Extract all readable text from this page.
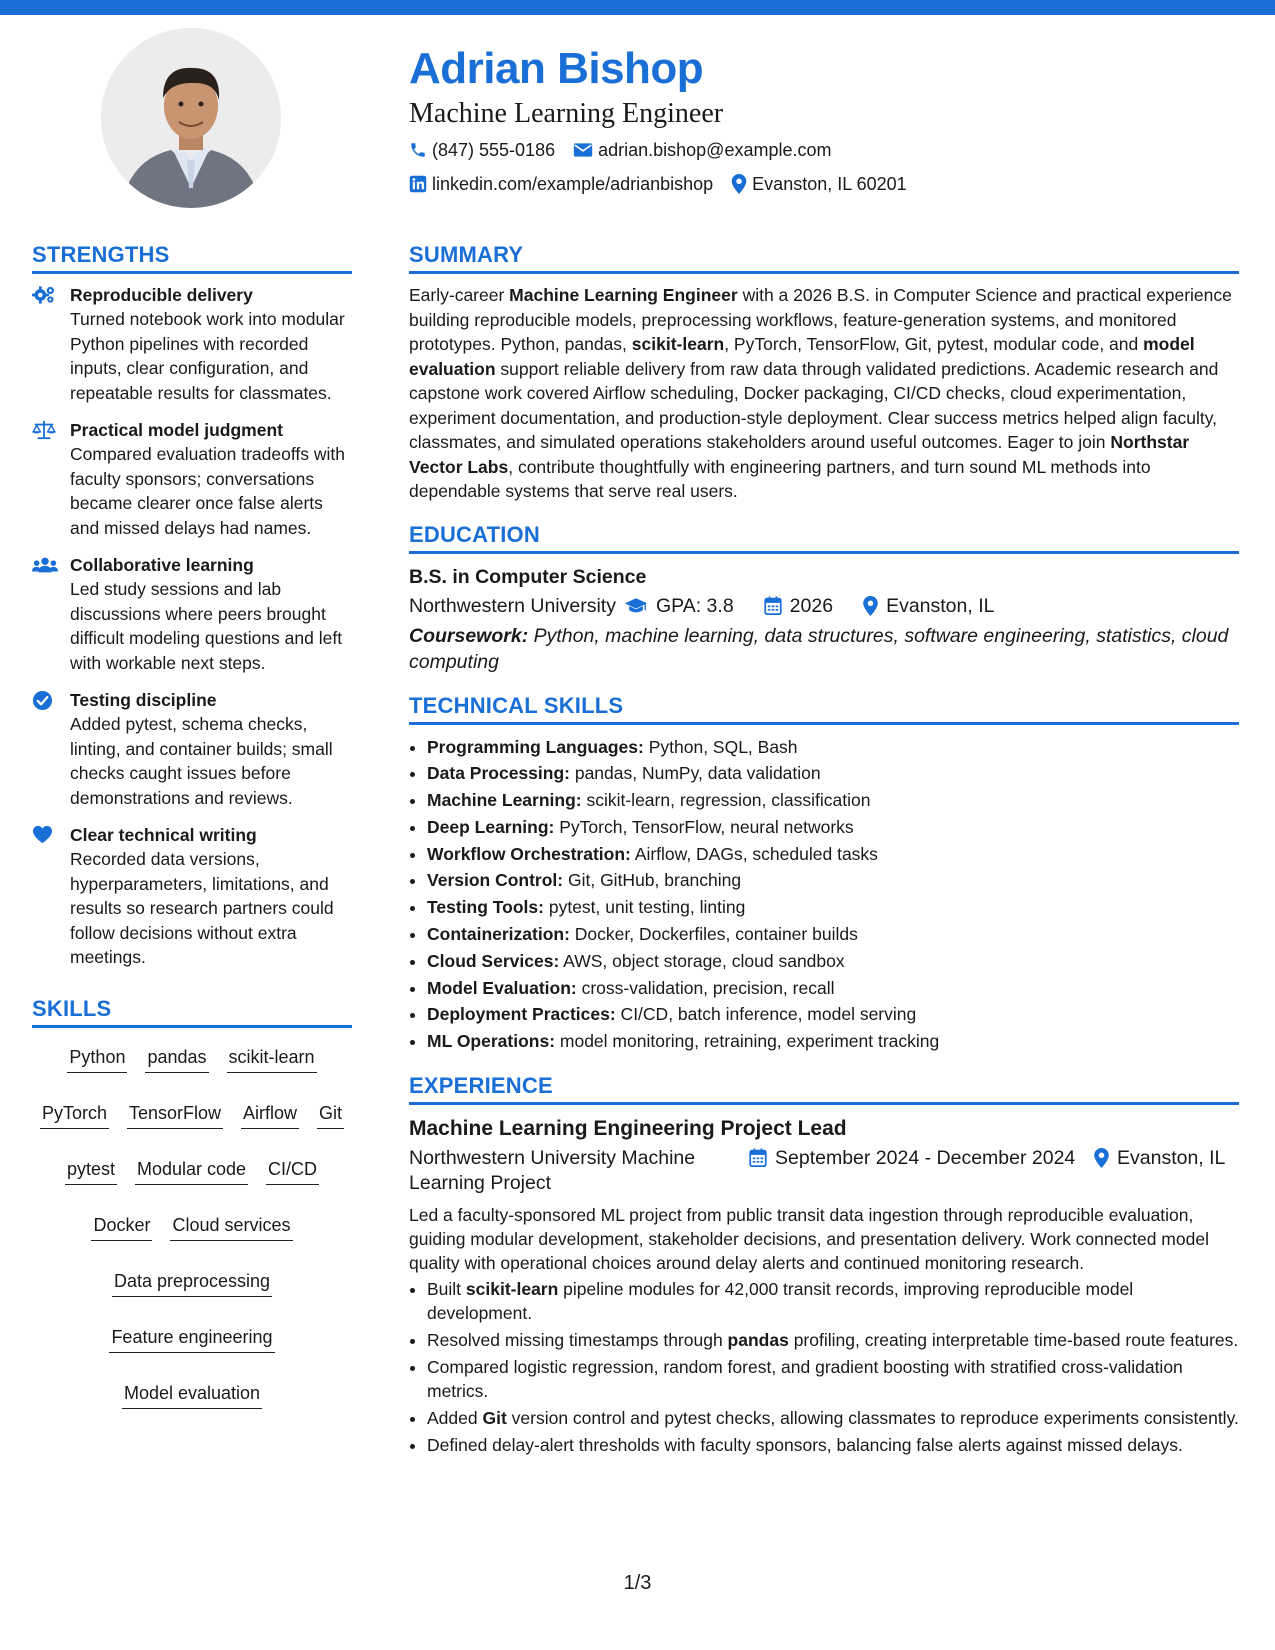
Adrian Bishop
Machine Learning Engineer
(847) 555-0186 adrian.bishop@example.com
linkedin.com/example/adrianbishop Evanston, IL 60201
STRENGTHS
Reproducible delivery
Turned notebook work into modular Python pipelines with recorded inputs, clear configuration, and repeatable results for classmates.
Practical model judgment
Compared evaluation tradeoffs with faculty sponsors; conversations became clearer once false alerts and missed delays had names.
Collaborative learning
Led study sessions and lab discussions where peers brought difficult modeling questions and left with workable next steps.
Testing discipline
Added pytest, schema checks, linting, and container builds; small checks caught issues before demonstrations and reviews.
Clear technical writing
Recorded data versions, hyperparameters, limitations, and results so research partners could follow decisions without extra meetings.
SKILLS
Python pandas scikit-learn
PyTorch TensorFlow Airflow Git
pytest Modular code CI/CD
Docker Cloud services
Data preprocessing
Feature engineering
Model evaluation
SUMMARY
Early-career Machine Learning Engineer with a 2026 B.S. in Computer Science and practical experience building reproducible models, preprocessing workflows, feature-generation systems, and monitored prototypes. Python, pandas, scikit-learn, PyTorch, TensorFlow, Git, pytest, modular code, and model evaluation support reliable delivery from raw data through validated predictions. Academic research and capstone work covered Airflow scheduling, Docker packaging, CI/CD checks, cloud experimentation, experiment documentation, and production-style deployment. Clear success metrics helped align faculty, classmates, and simulated operations stakeholders around useful outcomes. Eager to join Northstar Vector Labs, contribute thoughtfully with engineering partners, and turn sound ML methods into dependable systems that serve real users.
EDUCATION
B.S. in Computer Science
Northwestern University GPA: 3.8	2026	Evanston, IL
Coursework: Python, machine learning, data structures, software engineering, statistics, cloud computing
TECHNICAL SKILLS
• Programming Languages: Python, SQL, Bash
• Data Processing: pandas, NumPy, data validation
• Machine Learning: scikit-learn, regression, classification
• Deep Learning: PyTorch, TensorFlow, neural networks
• Workflow Orchestration: Airflow, DAGs, scheduled tasks
• Version Control: Git, GitHub, branching
• Testing Tools: pytest, unit testing, linting
• Containerization: Docker, Dockerfiles, container builds
• Cloud Services: AWS, object storage, cloud sandbox
• Model Evaluation: cross-validation, precision, recall
• Deployment Practices: CI/CD, batch inference, model serving
• ML Operations: model monitoring, retraining, experiment tracking
EXPERIENCE
Machine Learning Engineering Project Lead
Northwestern University Machine Learning Project
September 2024 - December 2024 Evanston, IL
Led a faculty-sponsored ML project from public transit data ingestion through reproducible evaluation, guiding modular development, stakeholder decisions, and presentation delivery. Work connected model quality with operational choices around delay alerts and continued monitoring research.
• Built scikit-learn pipeline modules for 42,000 transit records, improving reproducible model development.
• Resolved missing timestamps through pandas profiling, creating interpretable time-based route features.
• Compared logistic regression, random forest, and gradient boosting with stratified cross-validation metrics.
• Added Git version control and pytest checks, allowing classmates to reproduce experiments consistently.
• Defined delay-alert thresholds with faculty sponsors, balancing false alerts against missed delays.
1/3
